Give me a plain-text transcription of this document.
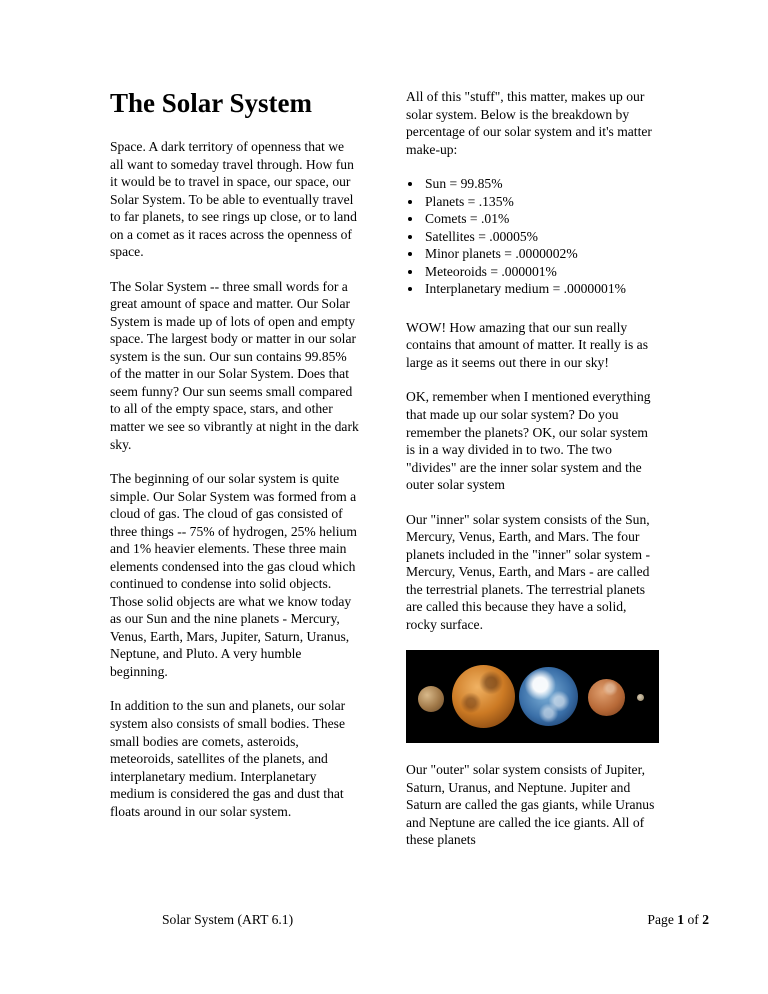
The Solar System

Space. A dark territory of openness that we all want to someday travel through. How fun it would be to travel in space, our space, our Solar System. To be able to eventually travel to far planets, to see rings up close, or to land on a comet as it races across the openness of space.

The Solar System -- three small words for a great amount of space and matter. Our Solar System is made up of lots of open and empty space. The largest body or matter in our solar system is the sun. Our sun contains 99.85% of the matter in our Solar System. Does that seem funny? Our sun seems small compared to all of the empty space, stars, and other matter we see so vibrantly at night in the dark sky.

The beginning of our solar system is quite simple. Our Solar System was formed from a cloud of gas. The cloud of gas consisted of three things -- 75% of hydrogen, 25% helium and 1% heavier elements. These three main elements condensed into the gas cloud which continued to condense into solid objects. Those solid objects are what we know today as our Sun and the nine planets - Mercury, Venus, Earth, Mars, Jupiter, Saturn, Uranus, Neptune, and Pluto. A very humble beginning.

In addition to the sun and planets, our solar system also consists of small bodies. These small bodies are comets, asteroids, meteoroids, satellites of the planets, and interplanetary medium. Interplanetary medium is considered the gas and dust that floats around in our solar system.

All of this "stuff", this matter, makes up our solar system. Below is the breakdown by percentage of our solar system and it's matter make-up:

• Sun = 99.85%
• Planets = .135%
• Comets = .01%
• Satellites = .00005%
• Minor planets = .0000002%
• Meteoroids = .000001%
• Interplanetary medium = .0000001%

WOW! How amazing that our sun really contains that amount of matter. It really is as large as it seems out there in our sky!

OK, remember when I mentioned everything that made up our solar system? Do you remember the planets? OK, our solar system is in a way divided in to two. The two "divides" are the inner solar system and the outer solar system

Our "inner" solar system consists of the Sun, Mercury, Venus, Earth, and Mars. The four planets included in the "inner" solar system - Mercury, Venus, Earth, and Mars - are called the terrestrial planets. The terrestrial planets are called this because they have a solid, rocky surface.

Our "outer" solar system consists of Jupiter, Saturn, Uranus, and Neptune. Jupiter and Saturn are called the gas giants, while Uranus and Neptune are called the ice giants. All of these planets

Solar System (ART 6.1)	Page 1 of 2
